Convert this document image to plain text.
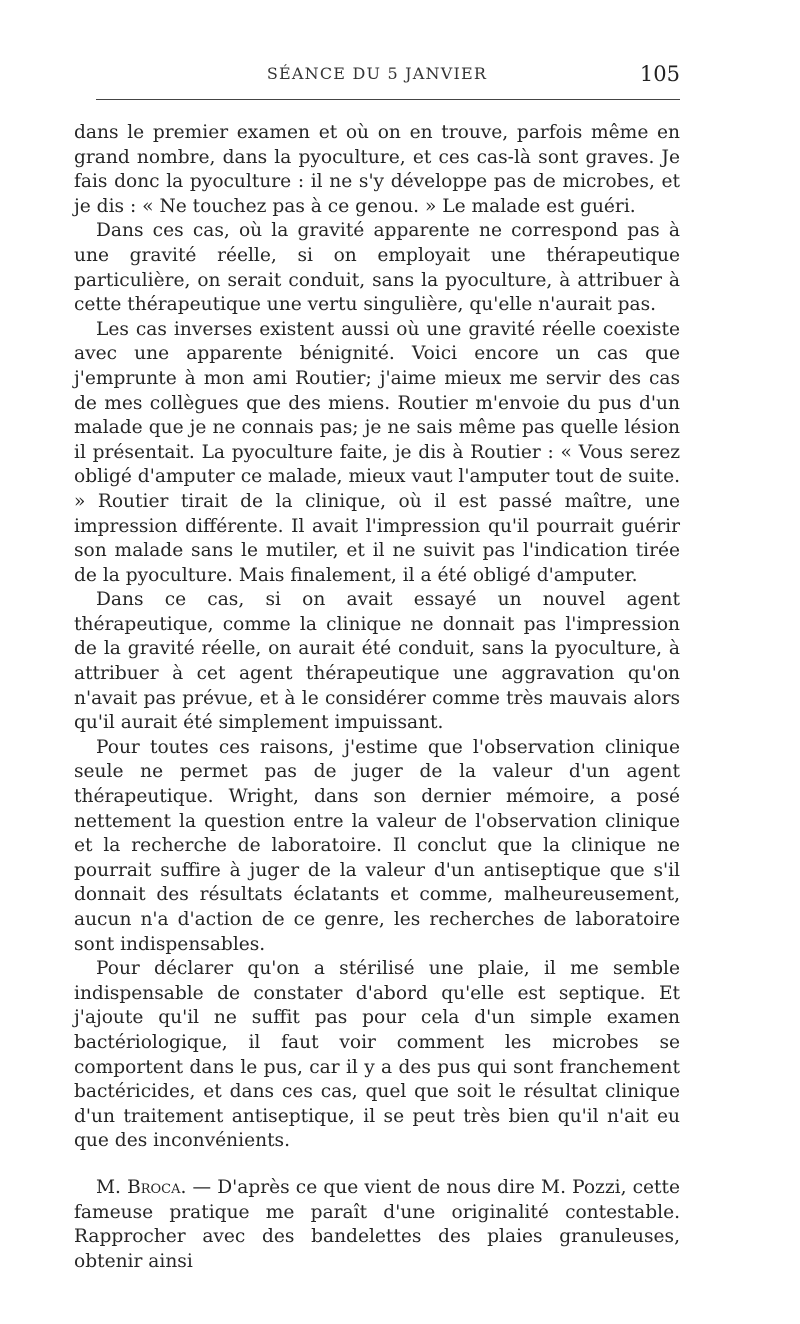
SÉANCE DU 5 JANVIER	105

dans le premier examen et où on en trouve, parfois même en grand nombre, dans la pyoculture, et ces cas-là sont graves. Je fais donc la pyoculture : il ne s'y développe pas de microbes, et je dis : « Ne touchez pas à ce genou. » Le malade est guéri.

Dans ces cas, où la gravité apparente ne correspond pas à une gravité réelle, si on employait une thérapeutique particulière, on serait conduit, sans la pyoculture, à attribuer à cette thérapeutique une vertu singulière, qu'elle n'aurait pas.

Les cas inverses existent aussi où une gravité réelle coexiste avec une apparente bénignité. Voici encore un cas que j'emprunte à mon ami Routier; j'aime mieux me servir des cas de mes collègues que des miens. Routier m'envoie du pus d'un malade que je ne connais pas; je ne sais même pas quelle lésion il présentait. La pyoculture faite, je dis à Routier : « Vous serez obligé d'amputer ce malade, mieux vaut l'amputer tout de suite. » Routier tirait de la clinique, où il est passé maître, une impression différente. Il avait l'impression qu'il pourrait guérir son malade sans le mutiler, et il ne suivit pas l'indication tirée de la pyoculture. Mais finalement, il a été obligé d'amputer.

Dans ce cas, si on avait essayé un nouvel agent thérapeutique, comme la clinique ne donnait pas l'impression de la gravité réelle, on aurait été conduit, sans la pyoculture, à attribuer à cet agent thérapeutique une aggravation qu'on n'avait pas prévue, et à le considérer comme très mauvais alors qu'il aurait été simplement impuissant.

Pour toutes ces raisons, j'estime que l'observation clinique seule ne permet pas de juger de la valeur d'un agent thérapeutique. Wright, dans son dernier mémoire, a posé nettement la question entre la valeur de l'observation clinique et la recherche de laboratoire. Il conclut que la clinique ne pourrait suffire à juger de la valeur d'un antiseptique que s'il donnait des résultats éclatants et comme, malheureusement, aucun n'a d'action de ce genre, les recherches de laboratoire sont indispensables.

Pour déclarer qu'on a stérilisé une plaie, il me semble indispensable de constater d'abord qu'elle est septique. Et j'ajoute qu'il ne suffit pas pour cela d'un simple examen bactériologique, il faut voir comment les microbes se comportent dans le pus, car il y a des pus qui sont franchement bactéricides, et dans ces cas, quel que soit le résultat clinique d'un traitement antiseptique, il se peut très bien qu'il n'ait eu que des inconvénients.

M. Broca. — D'après ce que vient de nous dire M. Pozzi, cette fameuse pratique me paraît d'une originalité contestable. Rapprocher avec des bandelettes des plaies granuleuses, obtenir ainsi
